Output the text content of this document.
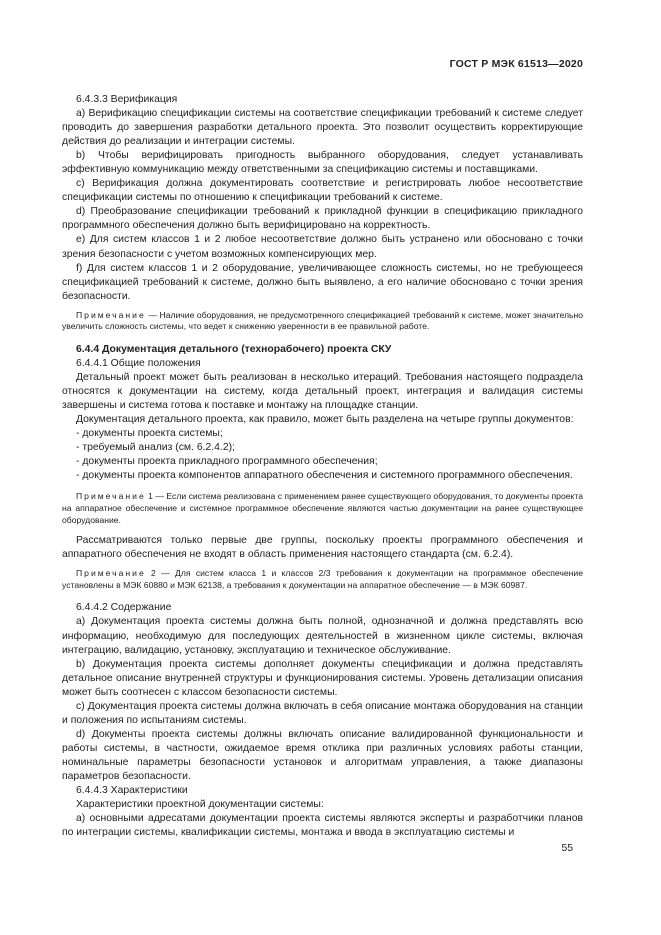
ГОСТ Р МЭК 61513—2020

6.4.3.3 Верификация

a) Верификацию спецификации системы на соответствие спецификации требований к системе следует проводить до завершения разработки детального проекта. Это позволит осуществить корректирующие действия до реализации и интеграции системы.

b) Чтобы верифицировать пригодность выбранного оборудования, следует устанавливать эффективную коммуникацию между ответственными за спецификацию системы и поставщиками.

c) Верификация должна документировать соответствие и регистрировать любое несоответствие спецификации системы по отношению к спецификации требований к системе.

d) Преобразование спецификации требований к прикладной функции в спецификацию прикладного программного обеспечения должно быть верифицировано на корректность.

e) Для систем классов 1 и 2 любое несоответствие должно быть устранено или обосновано с точки зрения безопасности с учетом возможных компенсирующих мер.

f) Для систем классов 1 и 2 оборудование, увеличивающее сложность системы, но не требующееся спецификацией требований к системе, должно быть выявлено, а его наличие обосновано с точки зрения безопасности.

Примечание — Наличие оборудования, не предусмотренного спецификацией требований к системе, может значительно увеличить сложность системы, что ведет к снижению уверенности в ее правильной работе.

6.4.4 Документация детального (технорабочего) проекта СКУ

6.4.4.1 Общие положения

Детальный проект может быть реализован в несколько итераций. Требования настоящего подраздела относятся к документации на систему, когда детальный проект, интеграция и валидация системы завершены и система готова к поставке и монтажу на площадке станции.

Документация детального проекта, как правило, может быть разделена на четыре группы документов:

- документы проекта системы;

- требуемый анализ (см. 6.2.4.2);

- документы проекта прикладного программного обеспечения;

- документы проекта компонентов аппаратного обеспечения и системного программного обеспечения.

Примечание 1 — Если система реализована с применением ранее существующего оборудования, то документы проекта на аппаратное обеспечение и системное программное обеспечение являются частью документации на ранее существующее оборудование.

Рассматриваются только первые две группы, поскольку проекты программного обеспечения и аппаратного обеспечения не входят в область применения настоящего стандарта (см. 6.2.4).

Примечание 2 — Для систем класса 1 и классов 2/3 требования к документации на программное обеспечение установлены в МЭК 60880 и МЭК 62138, а требования к документации на аппаратное обеспечение — в МЭК 60987.

6.4.4.2 Содержание

a) Документация проекта системы должна быть полной, однозначной и должна представлять всю информацию, необходимую для последующих деятельностей в жизненном цикле системы, включая интеграцию, валидацию, установку, эксплуатацию и техническое обслуживание.

b) Документация проекта системы дополняет документы спецификации и должна представлять детальное описание внутренней структуры и функционирования системы. Уровень детализации описания может быть соотнесен с классом безопасности системы.

c) Документация проекта системы должна включать в себя описание монтажа оборудования на станции и положения по испытаниям системы.

d) Документы проекта системы должны включать описание валидированной функциональности и работы системы, в частности, ожидаемое время отклика при различных условиях работы станции, номинальные параметры безопасности установок и алгоритмам управления, а также диапазоны параметров безопасности.

6.4.4.3 Характеристики

Характеристики проектной документации системы:

a) основными адресатами документации проекта системы являются эксперты и разработчики планов по интеграции системы, квалификации системы, монтажа и ввода в эксплуатацию системы и

55
